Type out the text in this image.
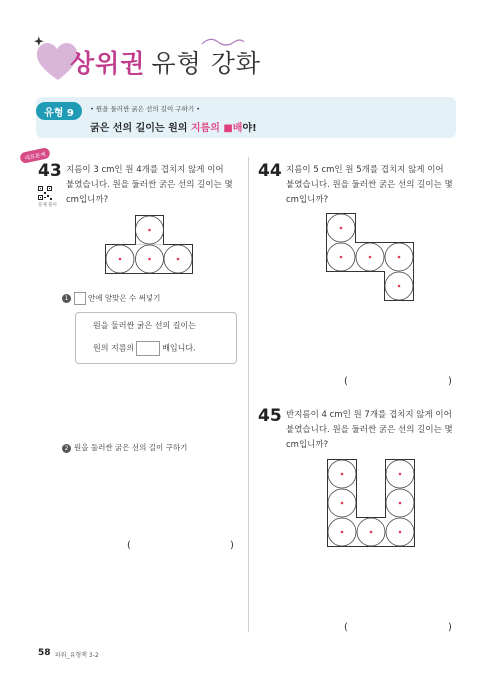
상위권 유형 강화
유형 9	• 원을 둘러싼 굵은 선의 길이 구하기 •
굵은 선의 길이는 원의 지름의 ■배야!
대표문제
43 지름이 3 cm인 원 4개를 겹치지 않게 이어
붙였습니다. 원을 둘러싼 굵은 선의 길이는 몇
cm입니까?
문제 풀이
1	안에 알맞은 수 써넣기
원을 둘러싼 굵은 선의 길이는
원의 지름의	배입니다.
2 원을 둘러싼 굵은 선의 길이 구하기
(	)
44 지름이 5 cm인 원 5개를 겹치지 않게 이어
붙였습니다. 원을 둘러싼 굵은 선의 길이는 몇
cm입니까?
(	)
45 반지름이 4 cm인 원 7개를 겹치지 않게 이어
붙였습니다. 원을 둘러싼 굵은 선의 길이는 몇
cm입니까?
(	)
58 파워_유형책 3-2
